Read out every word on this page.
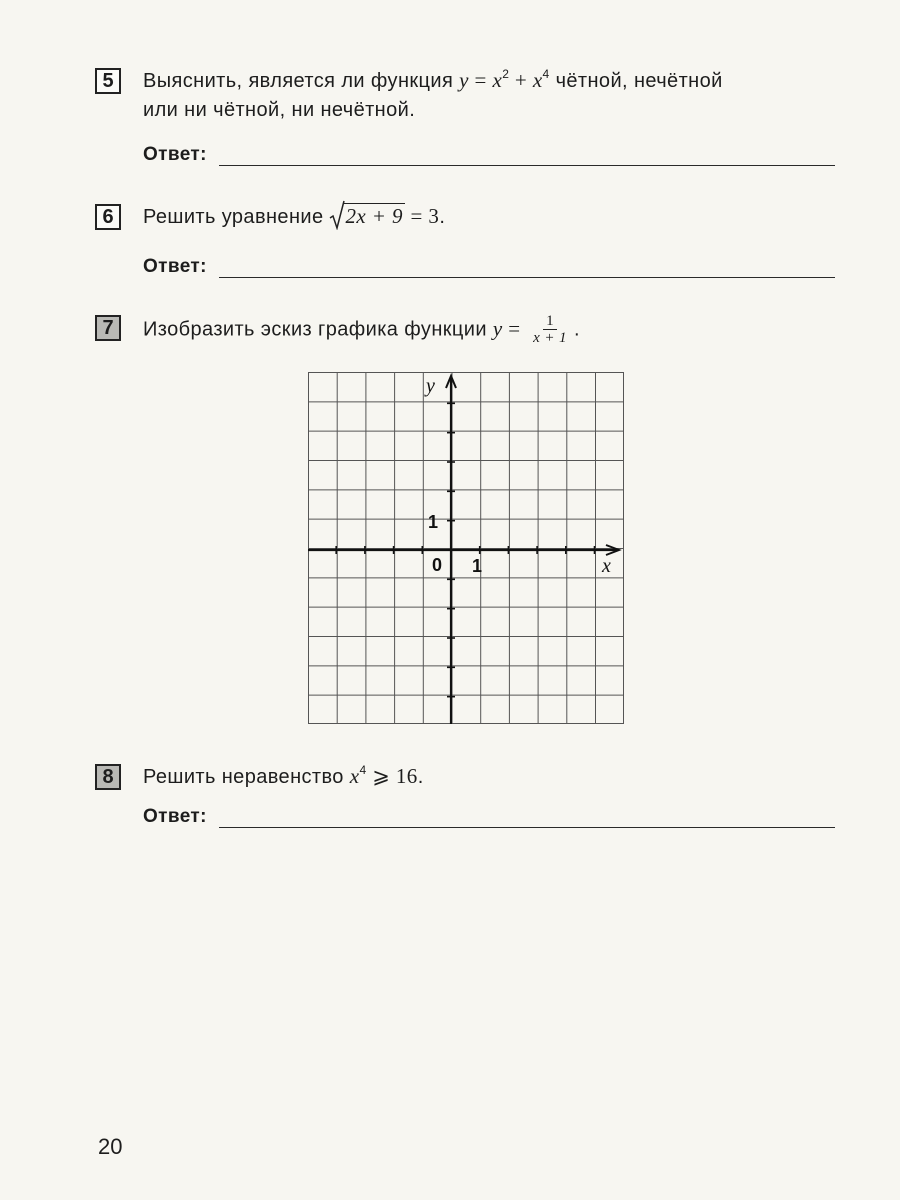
5	Выяснить, является ли функция $y = x^2 + x^4$ чётной, нечётной
или ни чётной, ни нечётной.
Ответ:
6	Решить уравнение
2x + 9 = 3.
Ответ:
7	Изобразить эскиз графика функции $y = \frac{1}{x + 1}$ .
y
x
0 1
1
8	Решить неравенство $x^4$ ⩾ 16.
Ответ:
20
